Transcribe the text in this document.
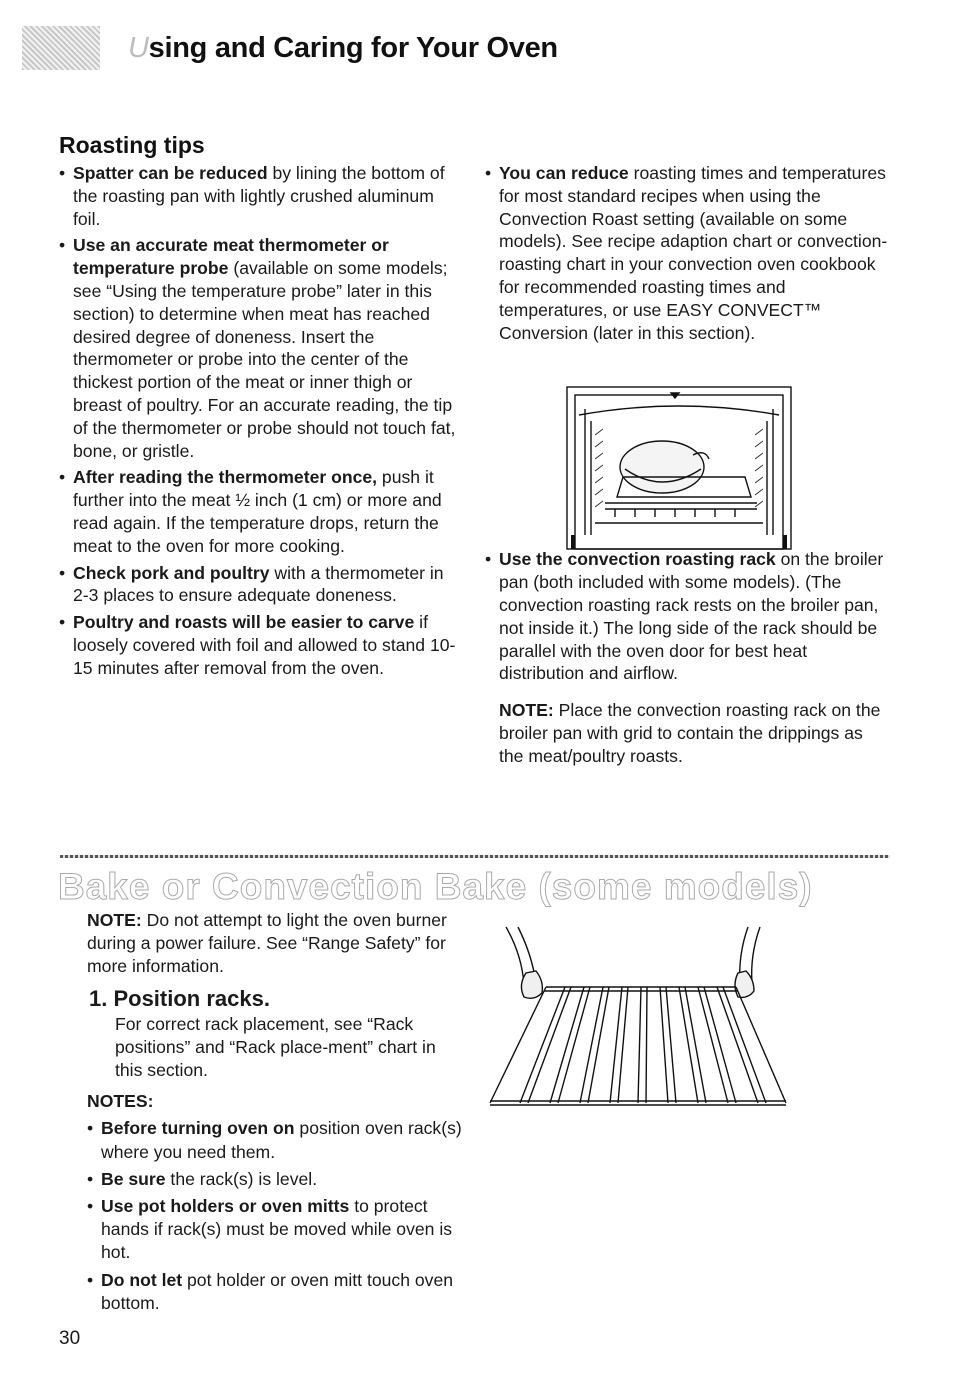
Using and Caring for Your Oven
Roasting tips
• Spatter can be reduced by lining the bottom of the roasting pan with lightly crushed aluminum foil.
• Use an accurate meat thermometer or temperature probe (available on some models; see “Using the temperature probe” later in this section) to determine when meat has reached desired degree of doneness. Insert the thermometer or probe into the center of the thickest portion of the meat or inner thigh or breast of poultry. For an accurate reading, the tip of the thermometer or probe should not touch fat, bone, or gristle.
• After reading the thermometer once, push it further into the meat ½ inch (1 cm) or more and read again. If the temperature drops, return the meat to the oven for more cooking.
• Check pork and poultry with a thermometer in 2-3 places to ensure adequate doneness.
• Poultry and roasts will be easier to carve if loosely covered with foil and allowed to stand 10-15 minutes after removal from the oven.
• You can reduce roasting times and temperatures for most standard recipes when using the Convection Roast setting (available on some models). See recipe adaption chart or convection-roasting chart in your convection oven cookbook for recommended roasting times and temperatures, or use EASY CONVECT™ Conversion (later in this section).
• Use the convection roasting rack on the broiler pan (both included with some models). (The convection roasting rack rests on the broiler pan, not inside it.) The long side of the rack should be parallel with the oven door for best heat distribution and airflow.
NOTE: Place the convection roasting rack on the broiler pan with grid to contain the drippings as the meat/poultry roasts.
Bake or Convection Bake (some models)
NOTE: Do not attempt to light the oven burner during a power failure. See “Range Safety” for more information.
1. Position racks.
For correct rack placement, see “Rack positions” and “Rack place-ment” chart in this section.
NOTES:
• Before turning oven on position oven rack(s) where you need them.
• Be sure the rack(s) is level.
• Use pot holders or oven mitts to protect hands if rack(s) must be moved while oven is hot.
• Do not let pot holder or oven mitt touch oven bottom.
30
